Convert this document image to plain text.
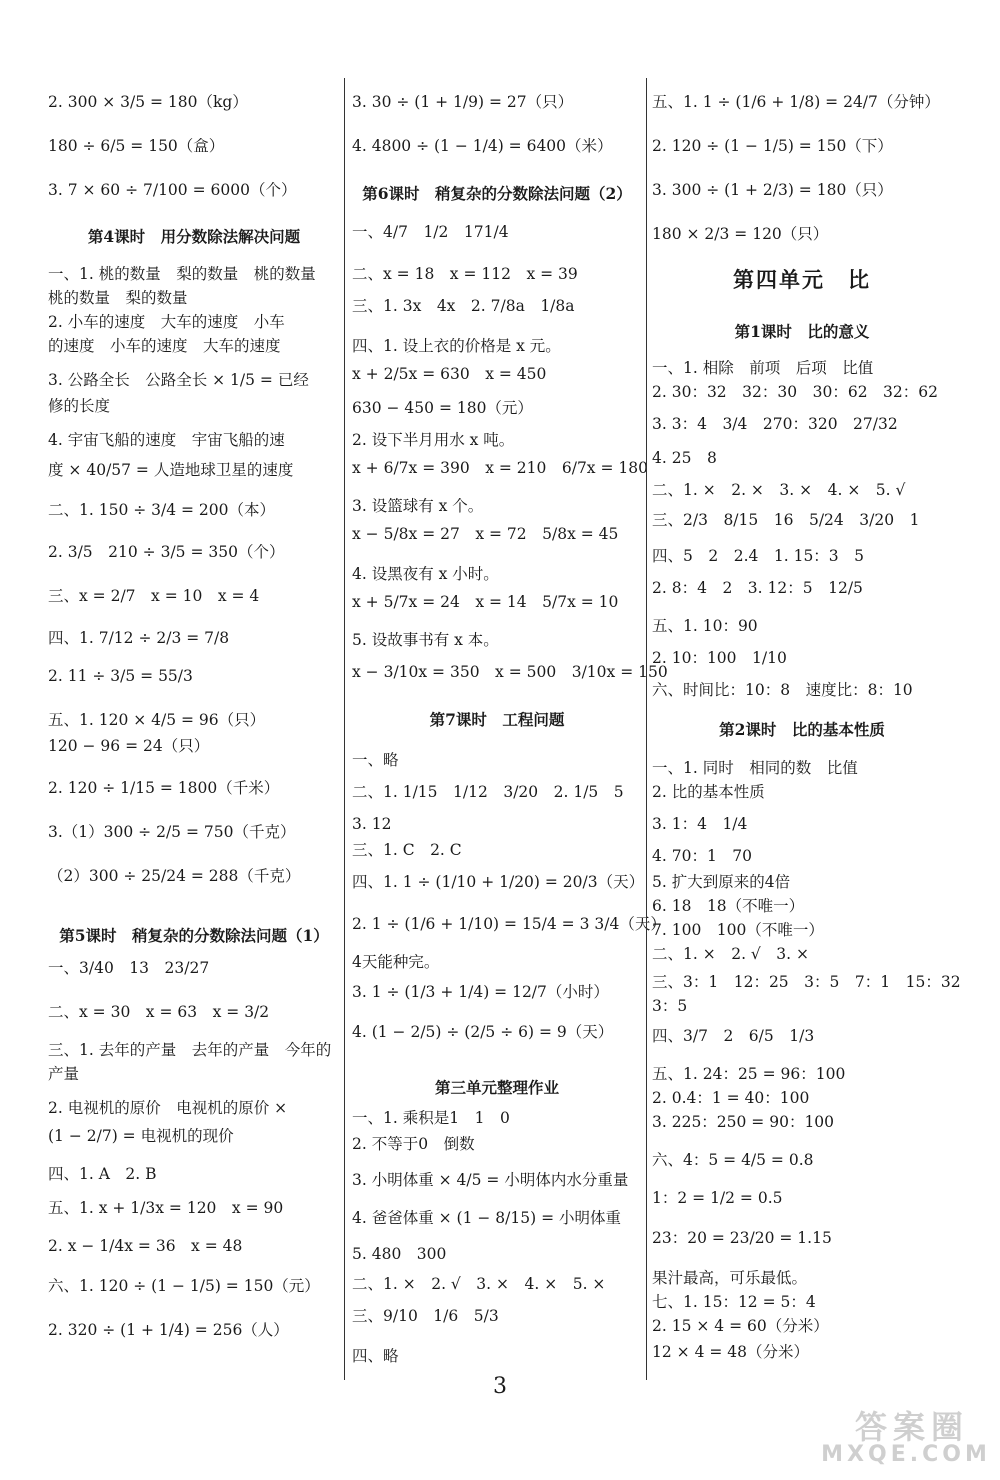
2. 300 × 3/5 = 180（kg）
180 ÷ 6/5 = 150（盒）
3. 7 × 60 ÷ 7/100 = 6000（个）
第4课时　用分数除法解决问题
一、1. 桃的数量　梨的数量　桃的数量
桃的数量　梨的数量
2. 小车的速度　大车的速度　小车
的速度　小车的速度　大车的速度
3. 公路全长　公路全长 × 1/5 = 已经
修的长度
4. 宇宙飞船的速度　宇宙飞船的速
度 × 40/57 = 人造地球卫星的速度
二、1. 150 ÷ 3/4 = 200（本）
2. 3/5　210 ÷ 3/5 = 350（个）
三、x = 2/7　x = 10　x = 4
四、1. 7/12 ÷ 2/3 = 7/8
2. 11 ÷ 3/5 = 55/3
五、1. 120 × 4/5 = 96（只）
120 − 96 = 24（只）
2. 120 ÷ 1/15 = 1800（千米）
3.（1）300 ÷ 2/5 = 750（千克）
（2）300 ÷ 25/24 = 288（千克）
第5课时　稍复杂的分数除法问题（1）
一、3/40　13　23/27
二、x = 30　x = 63　x = 3/2
三、1. 去年的产量　去年的产量　今年的
产量
2. 电视机的原价　电视机的原价 ×
(1 − 2/7) = 电视机的现价
四、1. A　2. B
五、1. x + 1/3x = 120　x = 90
2. x − 1/4x = 36　x = 48
六、1. 120 ÷ (1 − 1/5) = 150（元）
2. 320 ÷ (1 + 1/4) = 256（人）
3. 30 ÷ (1 + 1/9) = 27（只）
4. 4800 ÷ (1 − 1/4) = 6400（米）
第6课时　稍复杂的分数除法问题（2）
一、4/7　1/2　171/4
二、x = 18　x = 112　x = 39
三、1. 3x　4x　2. 7/8a　1/8a
四、1. 设上衣的价格是 x 元。
x + 2/5x = 630　x = 450
630 − 450 = 180（元）
2. 设下半月用水 x 吨。
x + 6/7x = 390　x = 210　6/7x = 180
3. 设篮球有 x 个。
x − 5/8x = 27　x = 72　5/8x = 45
4. 设黑夜有 x 小时。
x + 5/7x = 24　x = 14　5/7x = 10
5. 设故事书有 x 本。
x − 3/10x = 350　x = 500　3/10x = 150
第7课时　工程问题
一、略
二、1. 1/15　1/12　3/20　2. 1/5　5
3. 12
三、1. C　2. C
四、1. 1 ÷ (1/10 + 1/20) = 20/3（天）
2. 1 ÷ (1/6 + 1/10) = 15/4 = 3 3/4（天）
4天能种完。
3. 1 ÷ (1/3 + 1/4) = 12/7（小时）
4. (1 − 2/5) ÷ (2/5 ÷ 6) = 9（天）
第三单元整理作业
一、1. 乘积是1　1　0
2. 不等于0　倒数
3. 小明体重 × 4/5 = 小明体内水分重量
4. 爸爸体重 × (1 − 8/15) = 小明体重
5. 480　300
二、1. ×　2. √　3. ×　4. ×　5. ×
三、9/10　1/6　5/3
四、略
五、1. 1 ÷ (1/6 + 1/8) = 24/7（分钟）
2. 120 ÷ (1 − 1/5) = 150（下）
3. 300 ÷ (1 + 2/3) = 180（只）
180 × 2/3 = 120（只）
第四单元　比
第1课时　比的意义
一、1. 相除　前项　后项　比值
2. 30：32　32：30　30：62　32：62
3. 3：4　3/4　270：320　27/32
4. 25　8
二、1. ×　2. ×　3. ×　4. ×　5. √
三、2/3　8/15　16　5/24　3/20　1
四、5　2　2.4　1. 15：3　5
2. 8：4　2　3. 12：5　12/5
五、1. 10：90
2. 10：100　1/10
六、时间比：10：8　速度比：8：10
第2课时　比的基本性质
一、1. 同时　相同的数　比值
2. 比的基本性质
3. 1：4　1/4
4. 70：1　70
5. 扩大到原来的4倍
6. 18　18（不唯一）
7. 100　100（不唯一）
二、1. ×　2. √　3. ×
三、3：1　12：25　3：5　7：1　15：32
3：5
四、3/7　2　6/5　1/3
五、1. 24：25 = 96：100
2. 0.4：1 = 40：100
3. 225：250 = 90：100
六、4：5 = 4/5 = 0.8
1：2 = 1/2 = 0.5
23：20 = 23/20 = 1.15
果汁最高，可乐最低。
七、1. 15：12 = 5：4
2. 15 × 4 = 60（分米）
12 × 4 = 48（分米）
3
答案圈
MXQE.COM
